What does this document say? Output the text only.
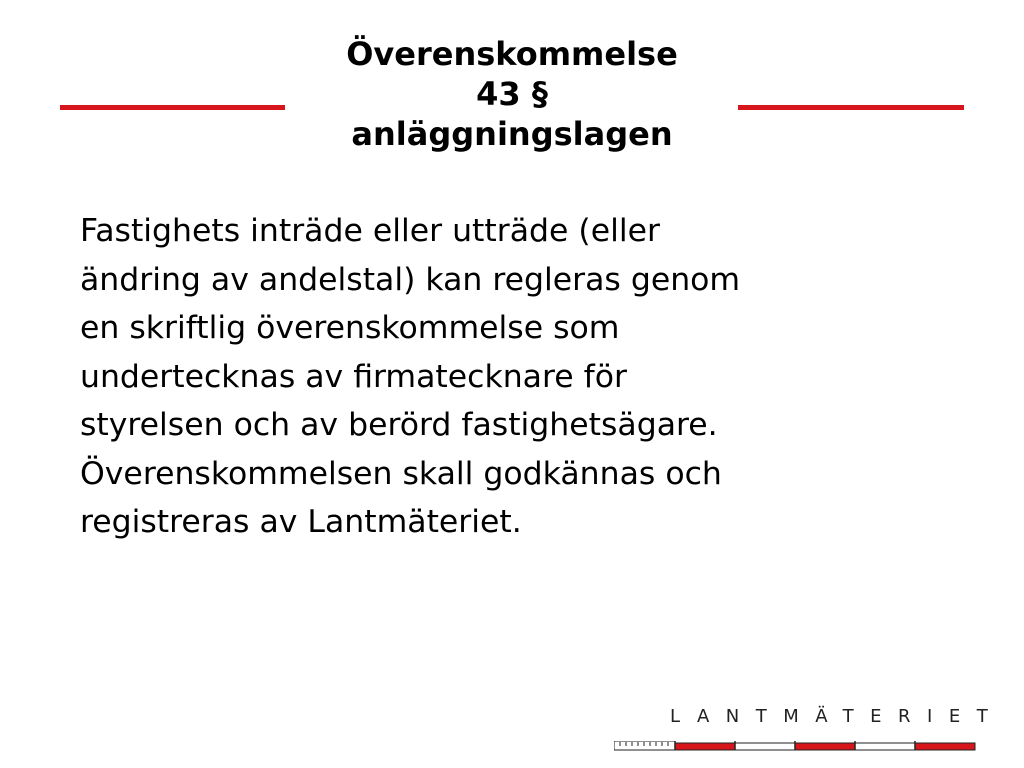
Överenskommelse
43 §
anläggningslagen

Fastighets inträde eller utträde (eller
ändring av andelstal) kan regleras genom
en skriftlig överenskommelse som
undertecknas av firmatecknare för
styrelsen och av berörd fastighetsägare.
Överenskommelsen skall godkännas och
registreras av Lantmäteriet.

LANTMÄTERIET
